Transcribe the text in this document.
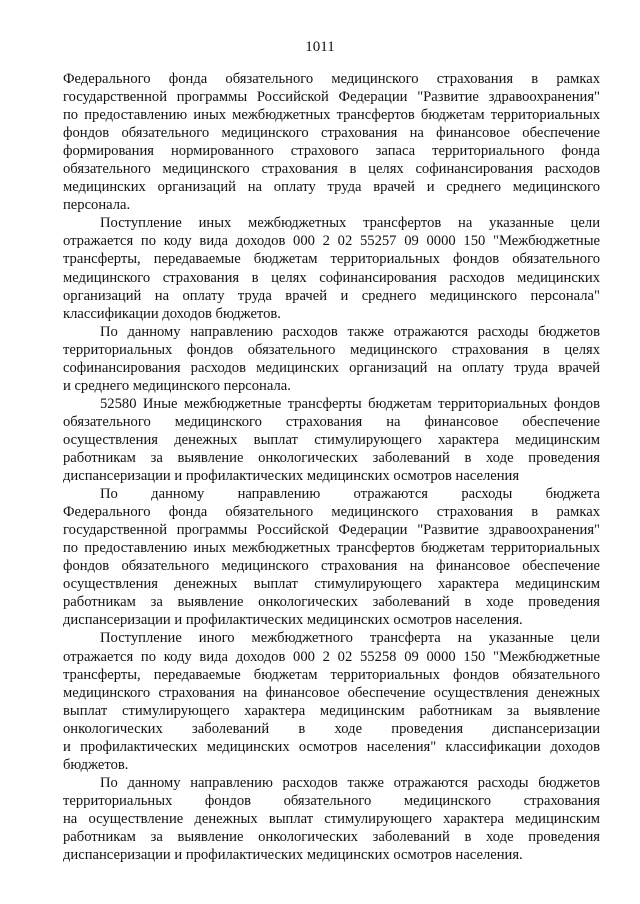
1011
Федерального фонда обязательного медицинского страхования в рамках
государственной программы Российской Федерации "Развитие здравоохранения"
по предоставлению иных межбюджетных трансфертов бюджетам территориальных
фондов обязательного медицинского страхования на финансовое обеспечение
формирования нормированного страхового запаса территориального фонда
обязательного медицинского страхования в целях софинансирования расходов
медицинских организаций на оплату труда врачей и среднего медицинского
персонала.
Поступление иных межбюджетных трансфертов на указанные цели
отражается по коду вида доходов 000 2 02 55257 09 0000 150 "Межбюджетные
трансферты, передаваемые бюджетам территориальных фондов обязательного
медицинского страхования в целях софинансирования расходов медицинских
организаций на оплату труда врачей и среднего медицинского персонала"
классификации доходов бюджетов.
По данному направлению расходов также отражаются расходы бюджетов
территориальных фондов обязательного медицинского страхования в целях
софинансирования расходов медицинских организаций на оплату труда врачей
и среднего медицинского персонала.
52580 Иные межбюджетные трансферты бюджетам территориальных фондов
обязательного медицинского страхования на финансовое обеспечение
осуществления денежных выплат стимулирующего характера медицинским
работникам за выявление онкологических заболеваний в ходе проведения
диспансеризации и профилактических медицинских осмотров населения
По данному направлению отражаются расходы бюджета
Федерального фонда обязательного медицинского страхования в рамках
государственной программы Российской Федерации "Развитие здравоохранения"
по предоставлению иных межбюджетных трансфертов бюджетам территориальных
фондов обязательного медицинского страхования на финансовое обеспечение
осуществления денежных выплат стимулирующего характера медицинским
работникам за выявление онкологических заболеваний в ходе проведения
диспансеризации и профилактических медицинских осмотров населения.
Поступление иного межбюджетного трансферта на указанные цели
отражается по коду вида доходов 000 2 02 55258 09 0000 150 "Межбюджетные
трансферты, передаваемые бюджетам территориальных фондов обязательного
медицинского страхования на финансовое обеспечение осуществления денежных
выплат стимулирующего характера медицинским работникам за выявление
онкологических заболеваний в ходе проведения диспансеризации
и профилактических медицинских осмотров населения" классификации доходов
бюджетов.
По данному направлению расходов также отражаются расходы бюджетов
территориальных фондов обязательного медицинского страхования
на осуществление денежных выплат стимулирующего характера медицинским
работникам за выявление онкологических заболеваний в ходе проведения
диспансеризации и профилактических медицинских осмотров населения.
